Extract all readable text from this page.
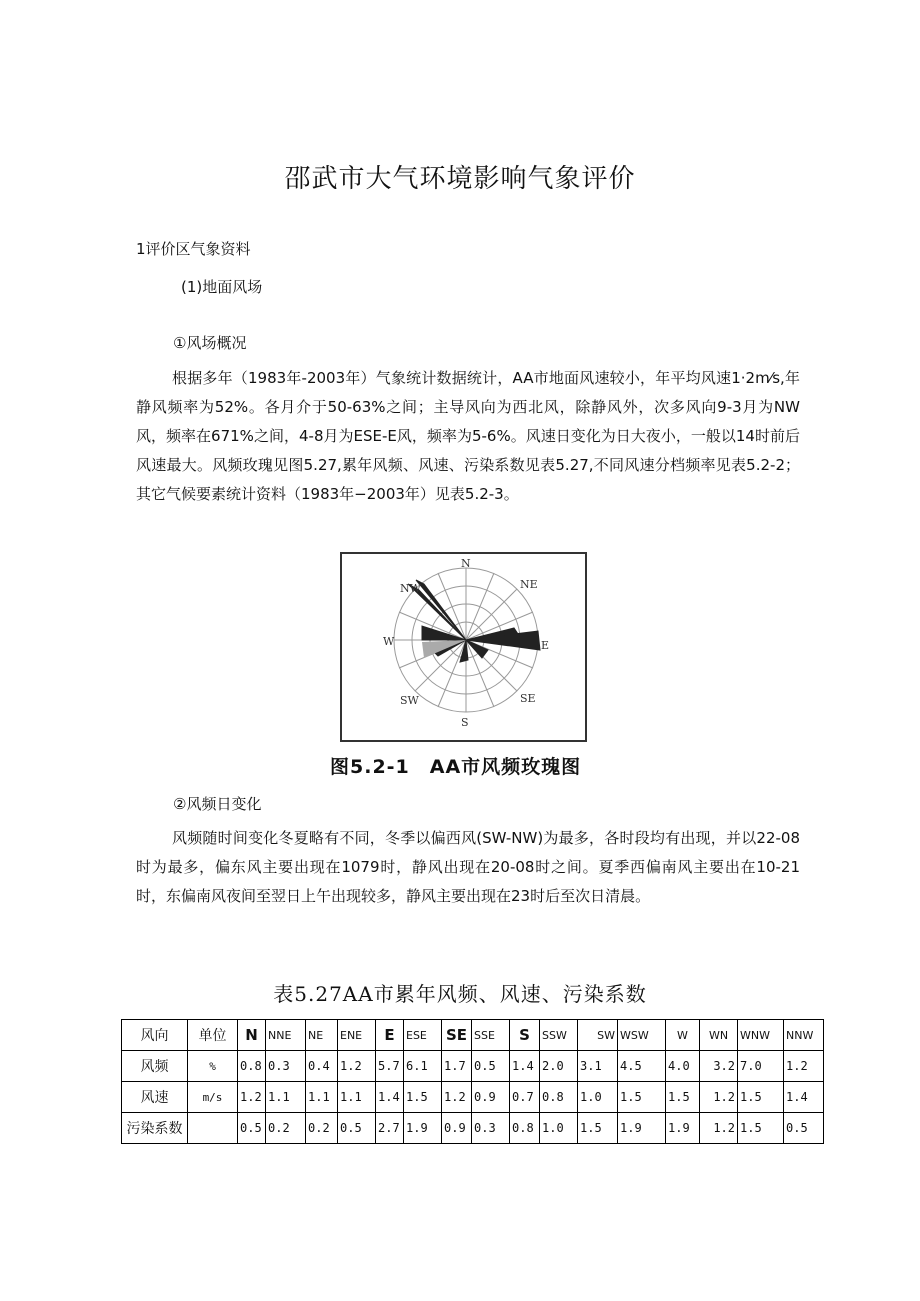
邵武市大气环境影响气象评价
1评价区气象资料
(1)地面风场
①风场概况

根据多年（1983年-2003年）气象统计数据统计，AA市地面风速较小，年平均风速1·2m⁄s,年静风频率为52%。各月介于50-63%之间；主导风向为西北风，除静风外，次多风向9-3月为NW风，频率在671%之间，4-8月为ESE-E风，频率为5-6%。风速日变化为日大夜小，一般以14时前后风速最大。风频玫瑰见图5.27,累年风频、风速、污染系数见表5.27,不同风速分档频率见表5.2-2；其它气候要素统计资料（1983年−2003年）见表5.2-3。

N
NE
E
SE
S
SW
W
NW
图5.2-1　AA市风频玫瑰图
②风频日变化

风频随时间变化冬夏略有不同，冬季以偏西风(SW-NW)为最多，各时段均有出现，并以22-08时为最多，偏东风主要出现在1079时，静风出现在20-08时之间。夏季西偏南风主要出在10-21时，东偏南风夜间至翌日上午出现较多，静风主要出现在23时后至次日清晨。

表5.27AA市累年风频、风速、污染系数
风向	单位	N	NNE	NE	ENE	E	ESE	SE	SSE	S	SSW	SW	WSW	W	WN	WNW	NNW
风频	%	0.8	0.3	0.4	1.2	5.7	6.1	1.7	0.5	1.4	2.0	3.1	4.5	4.0	3.2	7.0	1.2
风速	m/s	1.2	1.1	1.1	1.1	1.4	1.5	1.2	0.9	0.7	0.8	1.0	1.5	1.5	1.2	1.5	1.4
污染系数		0.5	0.2	0.2	0.5	2.7	1.9	0.9	0.3	0.8	1.0	1.5	1.9	1.9	1.2	1.5	0.5
